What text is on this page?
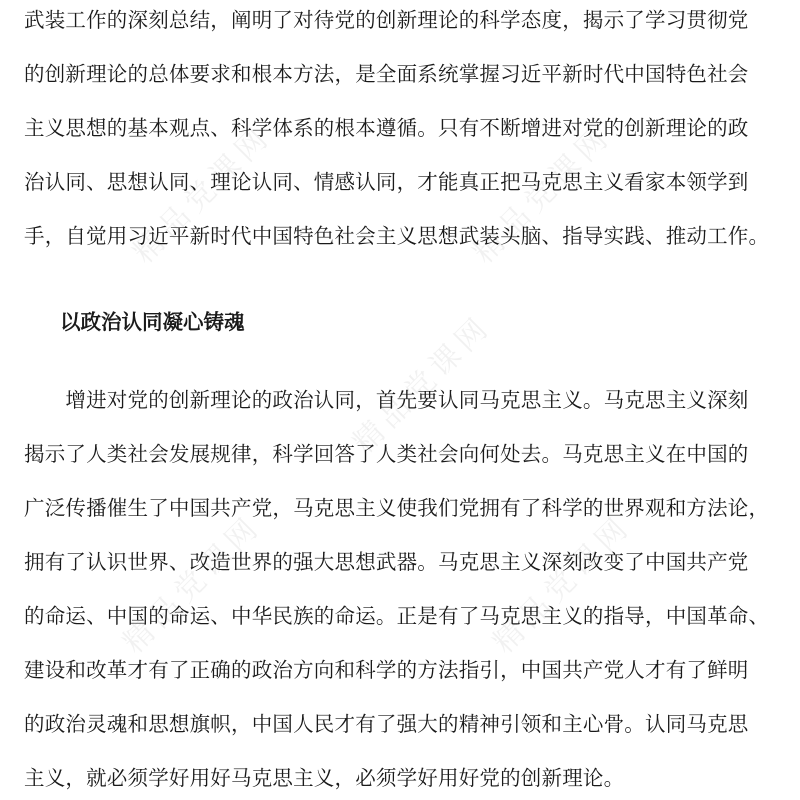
精品党课网	精品党课网
精品党课网
精品党课网	精品党课网
武装工作的深刻总结，阐明了对待党的创新理论的科学态度，揭示了学习贯彻党
的创新理论的总体要求和根本方法，是全面系统掌握习近平新时代中国特色社会
主义思想的基本观点、科学体系的根本遵循。只有不断增进对党的创新理论的政
治认同、思想认同、理论认同、情感认同，才能真正把马克思主义看家本领学到
手，自觉用习近平新时代中国特色社会主义思想武装头脑、指导实践、推动工作。
以政治认同凝心铸魂
　　增进对党的创新理论的政治认同，首先要认同马克思主义。马克思主义深刻
揭示了人类社会发展规律，科学回答了人类社会向何处去。马克思主义在中国的
广泛传播催生了中国共产党，马克思主义使我们党拥有了科学的世界观和方法论，
拥有了认识世界、改造世界的强大思想武器。马克思主义深刻改变了中国共产党
的命运、中国的命运、中华民族的命运。正是有了马克思主义的指导，中国革命、
建设和改革才有了正确的政治方向和科学的方法指引，中国共产党人才有了鲜明
的政治灵魂和思想旗帜，中国人民才有了强大的精神引领和主心骨。认同马克思
主义，就必须学好用好马克思主义，必须学好用好党的创新理论。
